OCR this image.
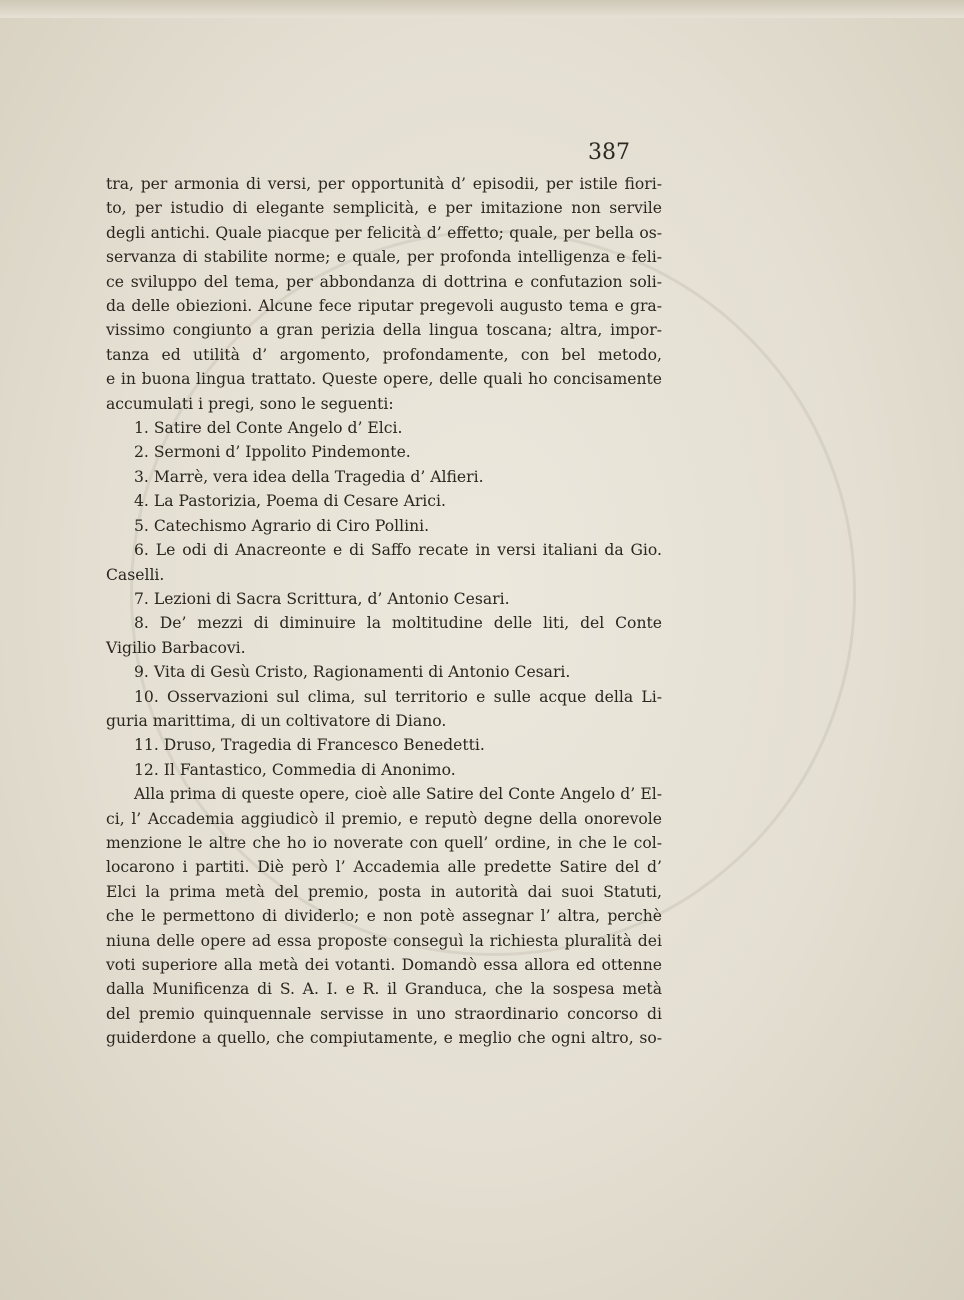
387
tra, per armonia di versi, per opportunità d’ episodii, per istile fiori-
to, per istudio di elegante semplicità, e per imitazione non servile
degli antichi. Quale piacque per felicità d’ effetto; quale, per bella os-
servanza di stabilite norme; e quale, per profonda intelligenza e feli-
ce sviluppo del tema, per abbondanza di dottrina e confutazion soli-
da delle obiezioni. Alcune fece riputar pregevoli augusto tema e gra-
vissimo congiunto a gran perizia della lingua toscana; altra, impor-
tanza ed utilità d’ argomento, profondamente, con bel metodo,
e in buona lingua trattato. Queste opere, delle quali ho concisamente
accumulati i pregi, sono le seguenti:
1. Satire del Conte Angelo d’ Elci.
2. Sermoni d’ Ippolito Pindemonte.
3. Marrè, vera idea della Tragedia d’ Alfieri.
4. La Pastorizia, Poema di Cesare Arici.
5. Catechismo Agrario di Ciro Pollini.
6. Le odi di Anacreonte e di Saffo recate in versi italiani da Gio.
Caselli.
7. Lezioni di Sacra Scrittura, d’ Antonio Cesari.
8. De’ mezzi di diminuire la moltitudine delle liti, del Conte
Vigilio Barbacovi.
9. Vita di Gesù Cristo, Ragionamenti di Antonio Cesari.
10. Osservazioni sul clima, sul territorio e sulle acque della Li-
guria marittima, di un coltivatore di Diano.
11. Druso, Tragedia di Francesco Benedetti.
12. Il Fantastico, Commedia di Anonimo.
Alla prima di queste opere, cioè alle Satire del Conte Angelo d’ El-
ci, l’ Accademia aggiudicò il premio, e reputò degne della onorevole
menzione le altre che ho io noverate con quell’ ordine, in che le col-
locarono i partiti. Diè però l’ Accademia alle predette Satire del d’
Elci la prima metà del premio, posta in autorità dai suoi Statuti,
che le permettono di dividerlo; e non potè assegnar l’ altra, perchè
niuna delle opere ad essa proposte conseguì la richiesta pluralità dei
voti superiore alla metà dei votanti. Domandò essa allora ed ottenne
dalla Munificenza di S. A. I. e R. il Granduca, che la sospesa metà
del premio quinquennale servisse in uno straordinario concorso di
guiderdone a quello, che compiutamente, e meglio che ogni altro, so-
